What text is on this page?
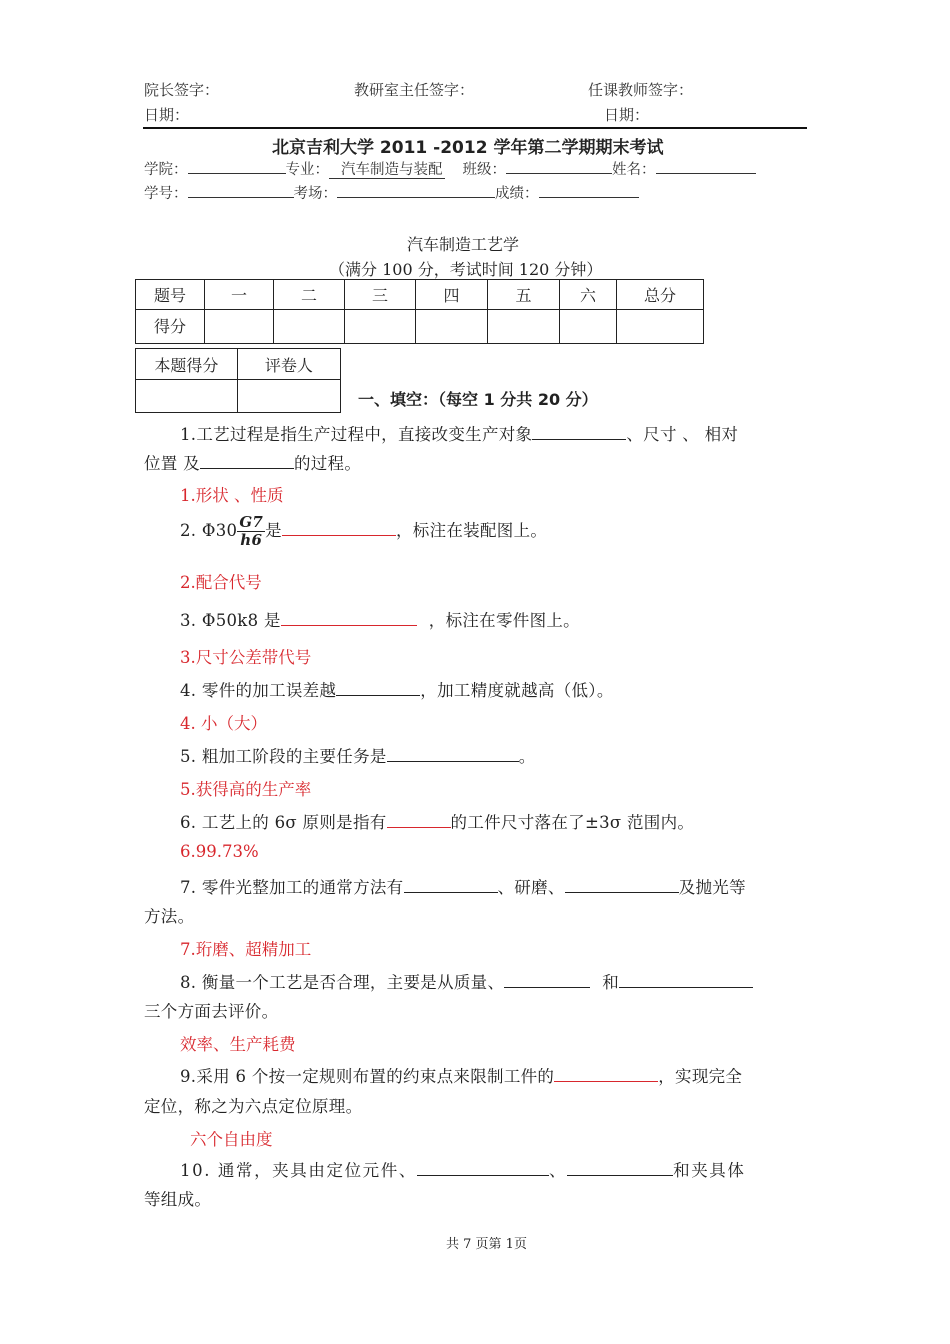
院长签字：	教研室主任签字：	任课教师签字：
日期：	日期：
北京吉利大学 2011 -2012 学年第二学期期末考试
学院：	专业： 汽车制造与装配 班级：	姓名：
学号：	考场：	成绩：
汽车制造工艺学
（满分 100 分，考试时间 120 分钟）
题号	一	二	三	四	五	六	总分
得分							
本题得分	评卷人

一、填空：（每空 1 分共 20 分）
1.工艺过程是指生产过程中，直接改变生产对象	、尺寸 、 相对
位置 及	的过程。
1.形状 、性质
2. $\Phi 30 \frac{G7}{h6}$ 是	，标注在装配图上。
2.配合代号
3. Φ50k8 是	，标注在零件图上。
3.尺寸公差带代号
4. 零件的加工误差越	，加工精度就越高（低）。
4. 小（大）
5. 粗加工阶段的主要任务是	。
5.获得高的生产率
6. 工艺上的 6σ 原则是指有	的工件尺寸落在了±3σ 范围内。
6.99.73%
7. 零件光整加工的通常方法有	、研磨、	及抛光等
方法。
7.珩磨、超精加工
8. 衡量一个工艺是否合理，主要是从质量、	和
三个方面去评价。
效率、生产耗费
9.采用 6 个按一定规则布置的约束点来限制工件的	，实现完全
定位，称之为六点定位原理。
六个自由度
10. 通常，夹具由定位元件、	、	和夹具体
等组成。
共 7 页第 1页
